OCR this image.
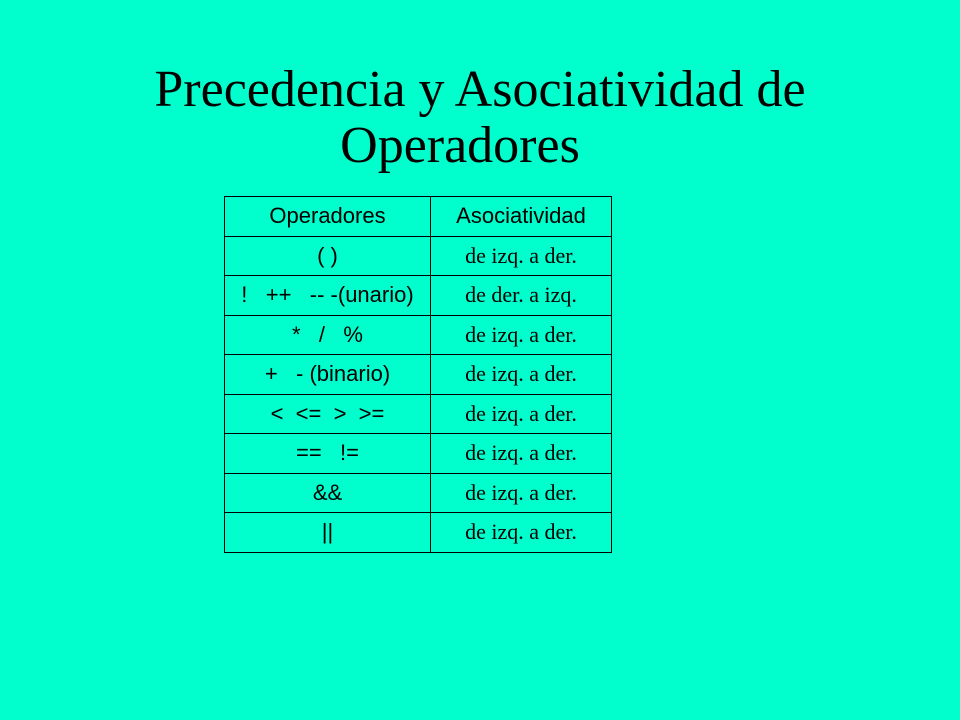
Precedencia y Asociatividad de
Operadores
Operadores	Asociatividad
( )	de izq. a der.
!   ++   -- -(unario)	de der. a izq.
*   /   %	de izq. a der.
+   - (binario)	de izq. a der.
<  <=  >  >=	de izq. a der.
==   !=	de izq. a der.
&&	de izq. a der.
||	de izq. a der.
